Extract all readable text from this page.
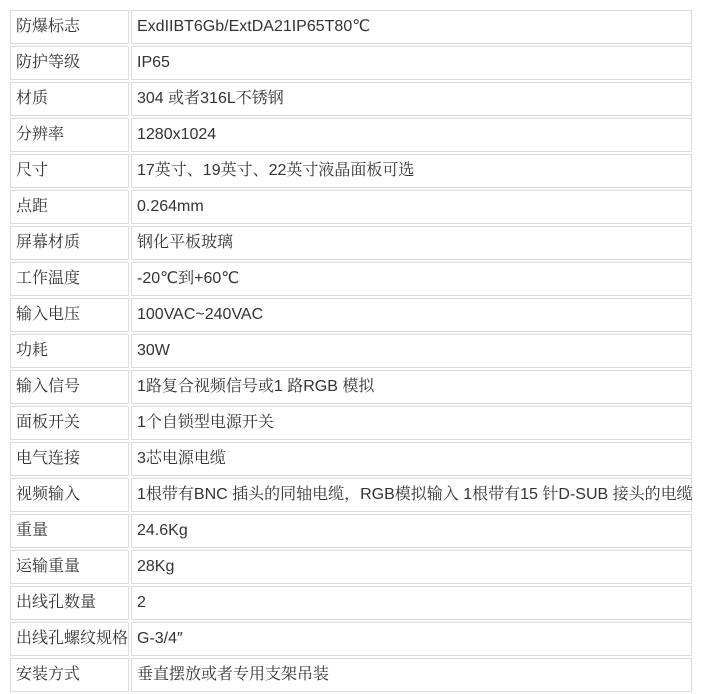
防爆标志	ExdIIBT6Gb/ExtDA21IP65T80℃
防护等级	IP65
材质	304 或者316L不锈钢
分辨率	1280x1024
尺寸	17英寸、19英寸、22英寸液晶面板可选
点距	0.264mm
屏幕材质	钢化平板玻璃
工作温度	-20℃到+60℃
输入电压	100VAC~240VAC
功耗	30W
输入信号	1路复合视频信号或1 路RGB 模拟
面板开关	1个自锁型电源开关
电气连接	3芯电源电缆
视频输入	1根带有BNC 插头的同轴电缆，RGB模拟输入 1根带有15 针D-SUB 接头的电缆
重量	24.6Kg
运输重量	28Kg
出线孔数量	2
出线孔螺纹规格	G-3/4″
安装方式	垂直摆放或者专用支架吊装
